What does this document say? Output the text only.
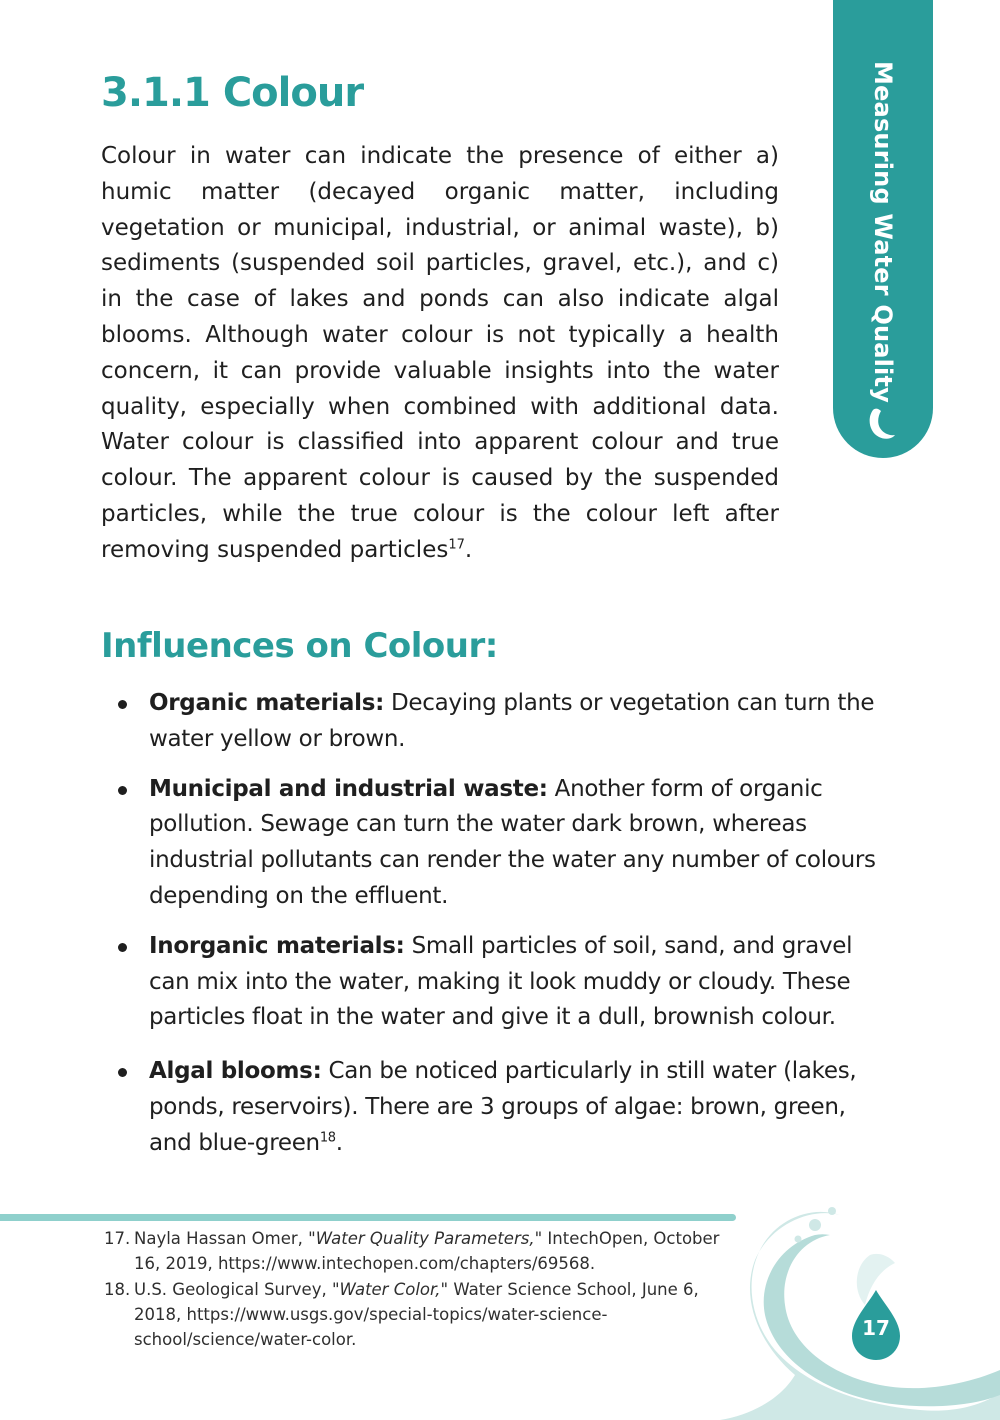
Measuring Water Quality
3.1.1 Colour

Colour in water can indicate the presence of either a) humic matter (decayed organic matter, including vegetation or municipal, industrial, or animal waste), b) sediments (suspended soil particles, gravel, etc.), and c) in the case of lakes and ponds can also indicate algal blooms. Although water colour is not typically a health concern, it can provide valuable insights into the water quality, especially when combined with additional data. Water colour is classified into apparent colour and true colour. The apparent colour is caused by the suspended particles, while the true colour is the colour left after removing suspended particles$^{17}$.

Influences on Colour:
Organic materials: Decaying plants or vegetation can turn the water yellow or brown.
Municipal and industrial waste: Another form of organic pollution. Sewage can turn the water dark brown, whereas industrial pollutants can render the water any number of colours depending on the effluent.
Inorganic materials: Small particles of soil, sand, and gravel can mix into the water, making it look muddy or cloudy. These particles float in the water and give it a dull, brownish colour.
Algal blooms: Can be noticed particularly in still water (lakes, ponds, reservoirs). There are 3 groups of algae: brown, green, and blue-green$^{18}$.
17. Nayla Hassan Omer, "Water Quality Parameters," IntechOpen, October 16, 2019, https://www.intechopen.com/chapters/69568.
18. U.S. Geological Survey, "Water Color," Water Science School, June 6, 2018, https://www.usgs.gov/special-topics/water-science-school/science/water-color.	17
